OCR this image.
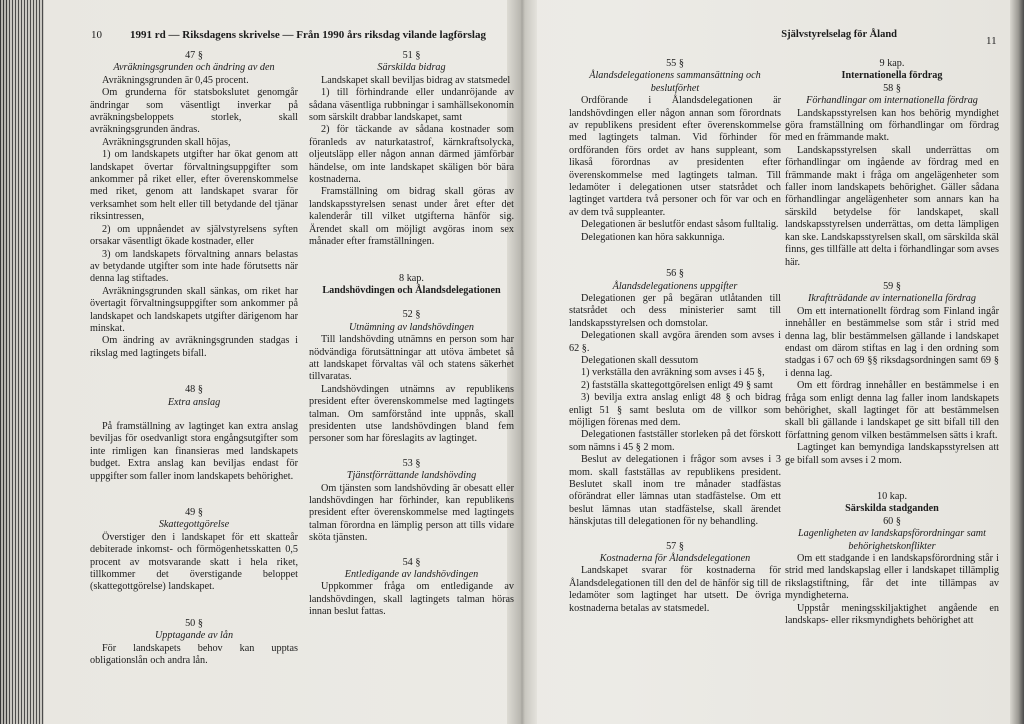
10	1991 rd — Riksdagens skrivelse — Från 1990 års riksdag vilande lagförslag
47 §
Avräkningsgrunden och ändring av den

Avräkningsgrunden är 0,45 procent.

Om grunderna för statsbokslutet genomgår ändringar som väsentligt inverkar på avräkningsbeloppets storlek, skall avräkningsgrunden ändras.

Avräkningsgrunden skall höjas,

1) om landskapets utgifter har ökat genom att landskapet övertar förvaltningsuppgifter som ankommer på riket eller, efter överenskommelse med riket, genom att landskapet svarar för verksamhet som helt eller till betydande del tjänar riksintressen,

2) om uppnåendet av självstyrelsens syften orsakar väsentligt ökade kostnader, eller

3) om landskapets förvaltning annars belastas av betydande utgifter som inte hade förutsetts när denna lag stiftades.

Avräkningsgrunden skall sänkas, om riket har övertagit förvaltningsuppgifter som ankommer på landskapet och landskapets utgifter därigenom har minskat.

Om ändring av avräkningsgrunden stadgas i rikslag med lagtingets bifall.

48 §
Extra anslag

På framställning av lagtinget kan extra anslag beviljas för osedvanligt stora engångsutgifter som inte rimligen kan finansieras med landskapets budget. Extra anslag kan beviljas endast för uppgifter som faller inom landskapets behörighet.

49 §
Skattegottgörelse

Överstiger den i landskapet för ett skatteår debiterade inkomst- och förmögenhetsskatten 0,5 procent av motsvarande skatt i hela riket, tillkommer det överstigande beloppet (skattegottgörelse) landskapet.

50 §
Upptagande av lån

För landskapets behov kan upptas obligationslån och andra lån.

51 §
Särskilda bidrag

Landskapet skall beviljas bidrag av statsmedel

1) till förhindrande eller undanröjande av sådana väsentliga rubbningar i samhällsekonomin som särskilt drabbar landskapet, samt

2) för täckande av sådana kostnader som föranleds av naturkatastrof, kärnkraftsolycka, oljeutsläpp eller någon annan därmed jämförbar händelse, om inte landskapet skäligen bör bära kostnaderna.

Framställning om bidrag skall göras av landskapsstyrelsen senast under året efter det kalenderår till vilket utgifterna hänför sig. Ärendet skall om möjligt avgöras inom sex månader efter framställningen.

8 kap.
Landshövdingen och Ålandsdelegationen
52 §
Utnämning av landshövdingen

Till landshövding utnämns en person som har nödvändiga förutsättningar att utöva ämbetet så att landskapet förvaltas väl och statens säkerhet tillvaratas.

Landshövdingen utnämns av republikens president efter överenskommelse med lagtingets talman. Om samförstånd inte uppnås, skall presidenten utse landshövdingen bland fem personer som har föreslagits av lagtinget.

53 §
Tjänstförrättande landshövding

Om tjänsten som landshövding är obesatt eller landshövdingen har förhinder, kan republikens president efter överenskommelse med lagtingets talman förordna en lämplig person att tills vidare sköta tjänsten.

54 §
Entledigande av landshövdingen

Uppkommer fråga om entledigande av landshövdingen, skall lagtingets talman höras innan beslut fattas.

Självstyrelselag för Åland
11
55 §
Ålandsdelegationens sammansättning och beslutförhet

Ordförande i Ålandsdelegationen är landshövdingen eller någon annan som förordnats av republikens president efter överenskommelse med lagtingets talman. Vid förhinder för ordföranden förs ordet av hans suppleant, som likaså förordnas av presidenten efter överenskommelse med lagtingets talman. Till ledamöter i delegationen utser statsrådet och lagtinget vartdera två personer och för var och en av dem två suppleanter.

Delegationen är beslutför endast såsom fulltalig.

Delegationen kan höra sakkunniga.

56 §
Ålandsdelegationens uppgifter

Delegationen ger på begäran utlåtanden till statsrådet och dess ministerier samt till landskapsstyrelsen och domstolar.

Delegationen skall avgöra ärenden som avses i 62 §.

Delegationen skall dessutom

1) verkställa den avräkning som avses i 45 §,

2) fastställa skattegottgörelsen enligt 49 § samt

3) bevilja extra anslag enligt 48 § och bidrag enligt 51 § samt besluta om de villkor som möjligen förenas med dem.

Delegationen fastställer storleken på det förskott som nämns i 45 § 2 mom.

Beslut av delegationen i frågor som avses i 3 mom. skall fastställas av republikens president. Beslutet skall inom tre månader stadfästas oförändrat eller lämnas utan stadfästelse. Om ett beslut lämnas utan stadfästelse, skall ärendet hänskjutas till delegationen för ny behandling.

57 §
Kostnaderna för Ålandsdelegationen

Landskapet svarar för kostnaderna för Ålandsdelegationen till den del de hänför sig till de ledamöter som lagtinget har utsett. De övriga kostnaderna betalas av statsmedel.

9 kap.
Internationella fördrag
58 §
Förhandlingar om internationella fördrag

Landskapsstyrelsen kan hos behörig myndighet göra framställning om förhandlingar om fördrag med en främmande makt.

Landskapsstyrelsen skall underrättas om förhandlingar om ingående av fördrag med en främmande makt i fråga om angelägenheter som faller inom landskapets behörighet. Gäller sådana förhandlingar angelägenheter som annars kan ha särskild betydelse för landskapet, skall landskapsstyrelsen underrättas, om detta lämpligen kan ske. Landskapsstyrelsen skall, om särskilda skäl finns, ges tillfälle att delta i förhandlingar som avses här.

59 §
Ikraftträdande av internationella fördrag

Om ett internationellt fördrag som Finland ingår innehåller en bestämmelse som står i strid med denna lag, blir bestämmelsen gällande i landskapet endast om därom stiftas en lag i den ordning som stadgas i 67 och 69 §§ riksdagsordningen samt 69 § i denna lag.

Om ett fördrag innehåller en bestämmelse i en fråga som enligt denna lag faller inom landskapets behörighet, skall lagtinget för att bestämmelsen skall bli gällande i landskapet ge sitt bifall till den författning genom vilken bestämmelsen sätts i kraft.

Lagtinget kan bemyndiga landskapsstyrelsen att ge bifall som avses i 2 mom.

10 kap.
Särskilda stadganden
60 §
Lagenligheten av landskapsförordningar samt behörighetskonflikter

Om ett stadgande i en landskapsförordning står i strid med landskapslag eller i landskapet tillämplig rikslagstiftning, får det inte tillämpas av myndigheterna.

Uppstår meningsskiljaktighet angående en landskaps- eller riksmyndighets behörighet att
